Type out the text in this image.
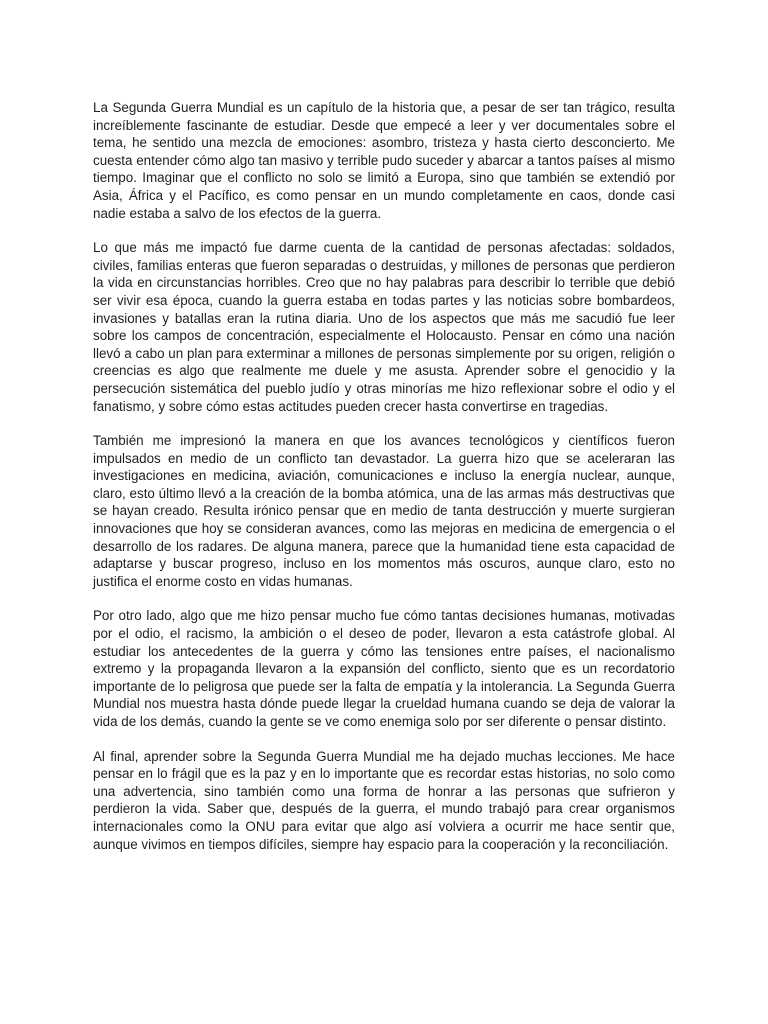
La Segunda Guerra Mundial es un capítulo de la historia que, a pesar de ser tan trágico, resulta increíblemente fascinante de estudiar. Desde que empecé a leer y ver documentales sobre el tema, he sentido una mezcla de emociones: asombro, tristeza y hasta cierto desconcierto. Me cuesta entender cómo algo tan masivo y terrible pudo suceder y abarcar a tantos países al mismo tiempo. Imaginar que el conflicto no solo se limitó a Europa, sino que también se extendió por Asia, África y el Pacífico, es como pensar en un mundo completamente en caos, donde casi nadie estaba a salvo de los efectos de la guerra.

Lo que más me impactó fue darme cuenta de la cantidad de personas afectadas: soldados, civiles, familias enteras que fueron separadas o destruidas, y millones de personas que perdieron la vida en circunstancias horribles. Creo que no hay palabras para describir lo terrible que debió ser vivir esa época, cuando la guerra estaba en todas partes y las noticias sobre bombardeos, invasiones y batallas eran la rutina diaria. Uno de los aspectos que más me sacudió fue leer sobre los campos de concentración, especialmente el Holocausto. Pensar en cómo una nación llevó a cabo un plan para exterminar a millones de personas simplemente por su origen, religión o creencias es algo que realmente me duele y me asusta. Aprender sobre el genocidio y la persecución sistemática del pueblo judío y otras minorías me hizo reflexionar sobre el odio y el fanatismo, y sobre cómo estas actitudes pueden crecer hasta convertirse en tragedias.

También me impresionó la manera en que los avances tecnológicos y científicos fueron impulsados en medio de un conflicto tan devastador. La guerra hizo que se aceleraran las investigaciones en medicina, aviación, comunicaciones e incluso la energía nuclear, aunque, claro, esto último llevó a la creación de la bomba atómica, una de las armas más destructivas que se hayan creado. Resulta irónico pensar que en medio de tanta destrucción y muerte surgieran innovaciones que hoy se consideran avances, como las mejoras en medicina de emergencia o el desarrollo de los radares. De alguna manera, parece que la humanidad tiene esta capacidad de adaptarse y buscar progreso, incluso en los momentos más oscuros, aunque claro, esto no justifica el enorme costo en vidas humanas.

Por otro lado, algo que me hizo pensar mucho fue cómo tantas decisiones humanas, motivadas por el odio, el racismo, la ambición o el deseo de poder, llevaron a esta catástrofe global. Al estudiar los antecedentes de la guerra y cómo las tensiones entre países, el nacionalismo extremo y la propaganda llevaron a la expansión del conflicto, siento que es un recordatorio importante de lo peligrosa que puede ser la falta de empatía y la intolerancia. La Segunda Guerra Mundial nos muestra hasta dónde puede llegar la crueldad humana cuando se deja de valorar la vida de los demás, cuando la gente se ve como enemiga solo por ser diferente o pensar distinto.

Al final, aprender sobre la Segunda Guerra Mundial me ha dejado muchas lecciones. Me hace pensar en lo frágil que es la paz y en lo importante que es recordar estas historias, no solo como una advertencia, sino también como una forma de honrar a las personas que sufrieron y perdieron la vida. Saber que, después de la guerra, el mundo trabajó para crear organismos internacionales como la ONU para evitar que algo así volviera a ocurrir me hace sentir que, aunque vivimos en tiempos difíciles, siempre hay espacio para la cooperación y la reconciliación.
